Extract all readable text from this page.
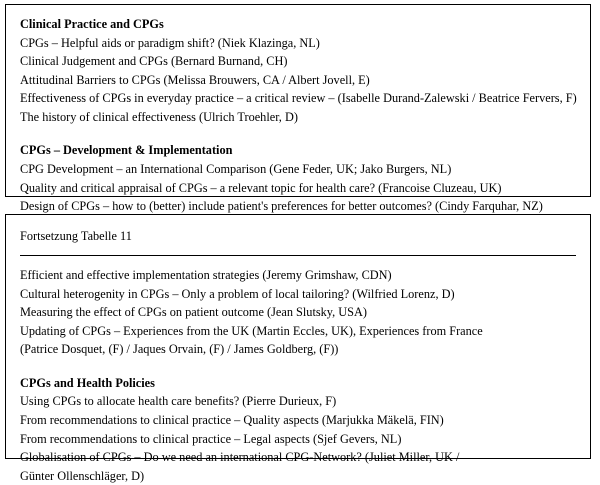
Clinical Practice and CPGs
CPGs – Helpful aids or paradigm shift? (Niek Klazinga, NL)
Clinical Judgement and CPGs (Bernard Burnand, CH)
Attitudinal Barriers to CPGs (Melissa Brouwers, CA / Albert Jovell, E)
Effectiveness of CPGs in everyday practice – a critical review – (Isabelle Durand-Zalewski / Beatrice Fervers, F)
The history of clinical effectiveness (Ulrich Troehler, D)
CPGs – Development & Implementation
CPG Development – an International Comparison (Gene Feder, UK; Jako Burgers, NL)
Quality and critical appraisal of CPGs – a relevant topic for health care? (Francoise Cluzeau, UK)
Design of CPGs – how to (better) include patient's preferences for better outcomes? (Cindy Farquhar, NZ)
Fortsetzung Tabelle 11
Efficient and effective implementation strategies (Jeremy Grimshaw, CDN)
Cultural heterogenity in CPGs – Only a problem of local tailoring? (Wilfried Lorenz, D)
Measuring the effect of CPGs on patient outcome (Jean Slutsky, USA)
Updating of CPGs – Experiences from the UK (Martin Eccles, UK), Experiences from France
(Patrice Dosquet, (F) / Jaques Orvain, (F) / James Goldberg, (F))
CPGs and Health Policies
Using CPGs to allocate health care benefits? (Pierre Durieux, F)
From recommendations to clinical practice – Quality aspects (Marjukka Mäkelä, FIN)
From recommendations to clinical practice – Legal aspects (Sjef Gevers, NL)
Globalisation of CPGs – Do we need an international CPG-Network? (Juliet Miller, UK /
Günter Ollenschläger, D)
